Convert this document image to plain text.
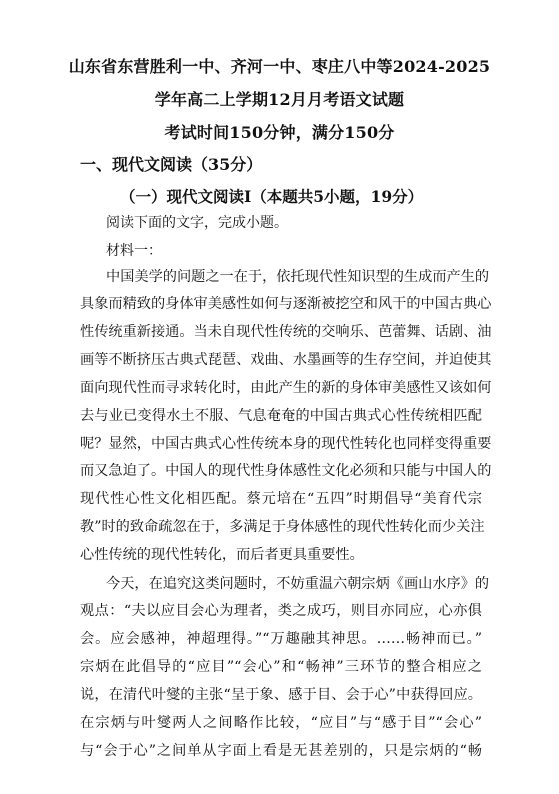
山东省东营胜利一中、齐河一中、枣庄八中等2024-2025
学年高二上学期12月月考语文试题
考试时间150分钟，满分150分
一、现代文阅读（35分）
（一）现代文阅读Ⅰ（本题共5小题，19分）
阅读下面的文字，完成小题。
材料一：
中国美学的问题之一在于，依托现代性知识型的生成而产生的
具象而精致的身体审美感性如何与逐渐被挖空和风干的中国古典心
性传统重新接通。当未自现代性传统的交响乐、芭蕾舞、话剧、油
画等不断挤压古典式琵琶、戏曲、水墨画等的生存空间，并迫使其
面向现代性而寻求转化时，由此产生的新的身体审美感性又该如何
去与业已变得水土不服、气息奄奄的中国古典式心性传统相匹配
呢？显然，中国古典式心性传统本身的现代性转化也同样变得重要
而又急迫了。中国人的现代性身体感性文化必须和只能与中国人的
现代性心性文化相匹配。蔡元培在“五四”时期倡导“美育代宗
教”时的致命疏忽在于，多满足于身体感性的现代性转化而少关注
心性传统的现代性转化，而后者更具重要性。
今天，在追究这类问题时，不妨重温六朝宗炳《画山水序》的
观点：“夫以应目会心为理者，类之成巧，则目亦同应，心亦俱
会。应会感神，神超理得。”“万趣融其神思。……畅神而已。”
宗炳在此倡导的“应目”“会心”和“畅神”三环节的整合相应之
说，在清代叶燮的主张“呈于象、感于目、会于心”中获得回应。
在宗炳与叶燮两人之间略作比较，“应目”与“感于目”“会心”
与“会于心”之间单从字面上看是无甚差别的，只是宗炳的“畅
